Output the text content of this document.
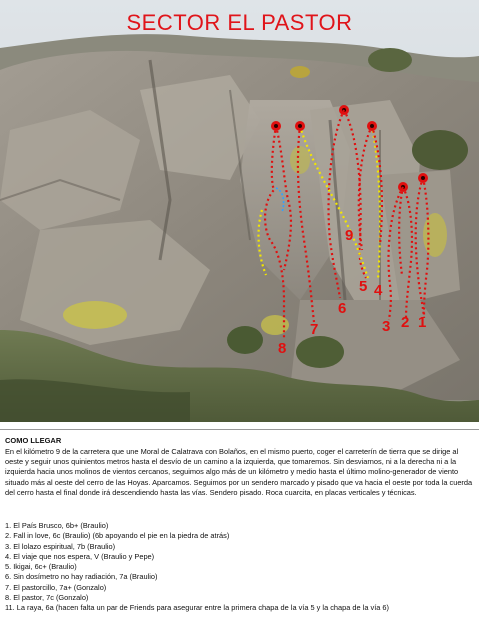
1
2
3
4
5
6
7
8
9
SECTOR EL PASTOR
COMO LLEGAR
En el kilómetro 9 de la carretera que une Moral de Calatrava con Bolaños, en el mismo puerto, coger el carreterín de tierra que se dirige al oeste y seguir unos quinientos metros hasta el desvío de un camino a la izquierda, que tomaremos. Sin desviarnos, ni a la derecha ni a la izquierda hacia unos molinos de vientos cercanos, seguimos algo más de un kilómetro y medio hasta el último molino-generador de viento situado más al oeste del cerro de las Hoyas. Aparcamos. Seguimos por un sendero marcado y pisado que va hacia el oeste por toda la cuerda del cerro hasta el final donde irá descendiendo hasta las vías. Sendero pisado. Roca cuarcita, en placas verticales y técnicas.
1. El País Brusco, 6b+ (Braulio)
2. Fall in love, 6c (Braulio) (6b apoyando el pie en la piedra de atrás)
3. El lolazo espiritual, 7b (Braulio)
4. El viaje que nos espera, V (Braulio y Pepe)
5. Ikigai, 6c+ (Braulio)
6. Sin dosímetro no hay radiación, 7a (Braulio)
7. El pastorcillo, 7a+ (Gonzalo)
8. El pastor, 7c (Gonzalo)
11. La raya, 6a (hacen falta un par de Friends para asegurar entre la primera chapa de la vía 5 y la chapa de la vía 6)
